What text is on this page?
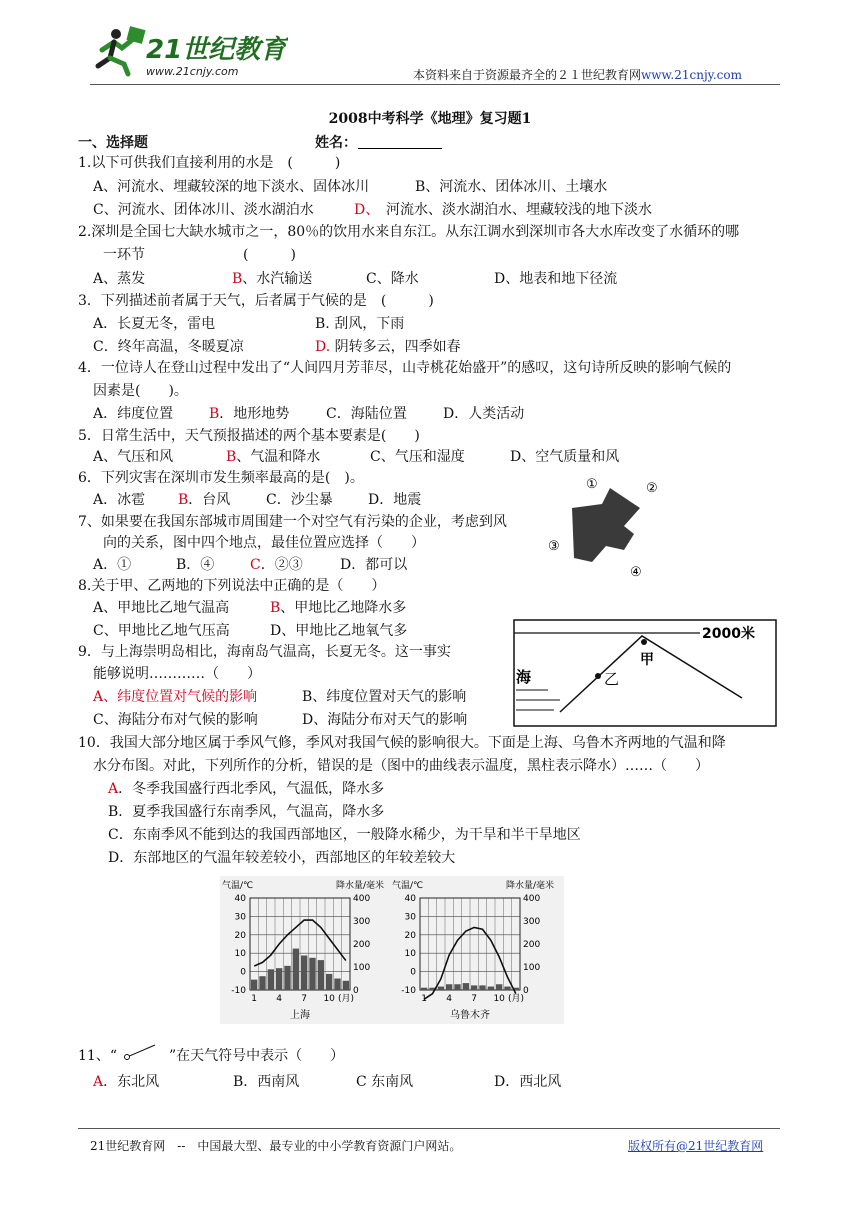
21世纪教育
www.21cnjy.com	本资料来自于资源最齐全的２１世纪教育网www.21cnjy.com
2008中考科学《地理》复习题1
一、选择题	姓名：
1.以下可供我们直接利用的水是　(　　　)
A、河流水、埋藏较深的地下淡水、固体冰川	B、河流水、团体冰川、土壤水
C、河流水、团体冰川、淡水湖泊水	D、 河流水、淡水湖泊水、埋藏较浅的地下淡水
2.深圳是全国七大缺水城市之一，80％的饮用水来自东江。从东江调水到深圳市各大水库改变了水循环的哪
一环节　　　　　　　(　　　)
A、蒸发	B、水汽输送	C、降水	D、地表和地下径流
3．下列描述前者属于天气，后者属于气候的是　(　　　)
A．长夏无冬，雷电	B. 刮风，下雨
C．终年高温，冬暖夏凉	D. 阴转多云，四季如春
4．一位诗人在登山过程中发出了“人间四月芳菲尽，山寺桃花始盛开”的感叹，这句诗所反映的影响气候的
因素是(　　)。
A．纬度位置	B．地形地势	C．海陆位置	D．人类活动
5．日常生活中，天气预报描述的两个基本要素是(　　)
A、气压和风	B、气温和降水	C、气压和湿度	D、空气质量和风
6．下列灾害在深圳市发生频率最高的是(　)。
A．冰雹 B．台风	C．沙尘暴	D．地震
7、如果要在我国东部城市周围建一个对空气有污染的企业，考虑到风
向的关系，图中四个地点，最佳位置应选择（　　）
A．①	B．④	C．②③	D．都可以
①	②
③
④
8.关于甲、乙两地的下列说法中正确的是（　　）
A、甲地比乙地气温高	B、甲地比乙地降水多
C、甲地比乙地气压高	D、甲地比乙地氧气多	2000米
海
甲
乙
9．与上海崇明岛相比，海南岛气温高，长夏无冬。这一事实
能够说明…………（　　）
A、纬度位置对气候的影响	B、纬度位置对天气的影响
C、海陆分布对气候的影响	D、海陆分布对天气的影响
10．我国大部分地区属于季风气修，季风对我国气候的影响很大。下面是上海、乌鲁木齐两地的气温和降
水分布图。对此，下列所作的分析，错误的是（图中的曲线表示温度，黑柱表示降水）……（　　）
A．冬季我国盛行西北季风，气温低，降水多
B．夏季我国盛行东南季风，气温高，降水多
C．东南季风不能到达的我国西部地区，一般降水稀少，为干旱和半干旱地区
D．东部地区的气温年较差较小，西部地区的年较差较大
气温/℃	降水量/毫米
40
30
20
10
0
-10
400
300
200
100
0
1 4 7 10 (月)
上海
气温/℃	降水量/毫米
40
30
20
10
0
-10
400
300
200
100
0
1 4 7 10 (月)
乌鲁木齐
11、“	”在天气符号中表示（　　）
A．东北风	B．西南风	C 东南风	D．西北风
21世纪教育网　--　中国最大型、最专业的中小学教育资源门户网站。	版权所有@21世纪教育网
